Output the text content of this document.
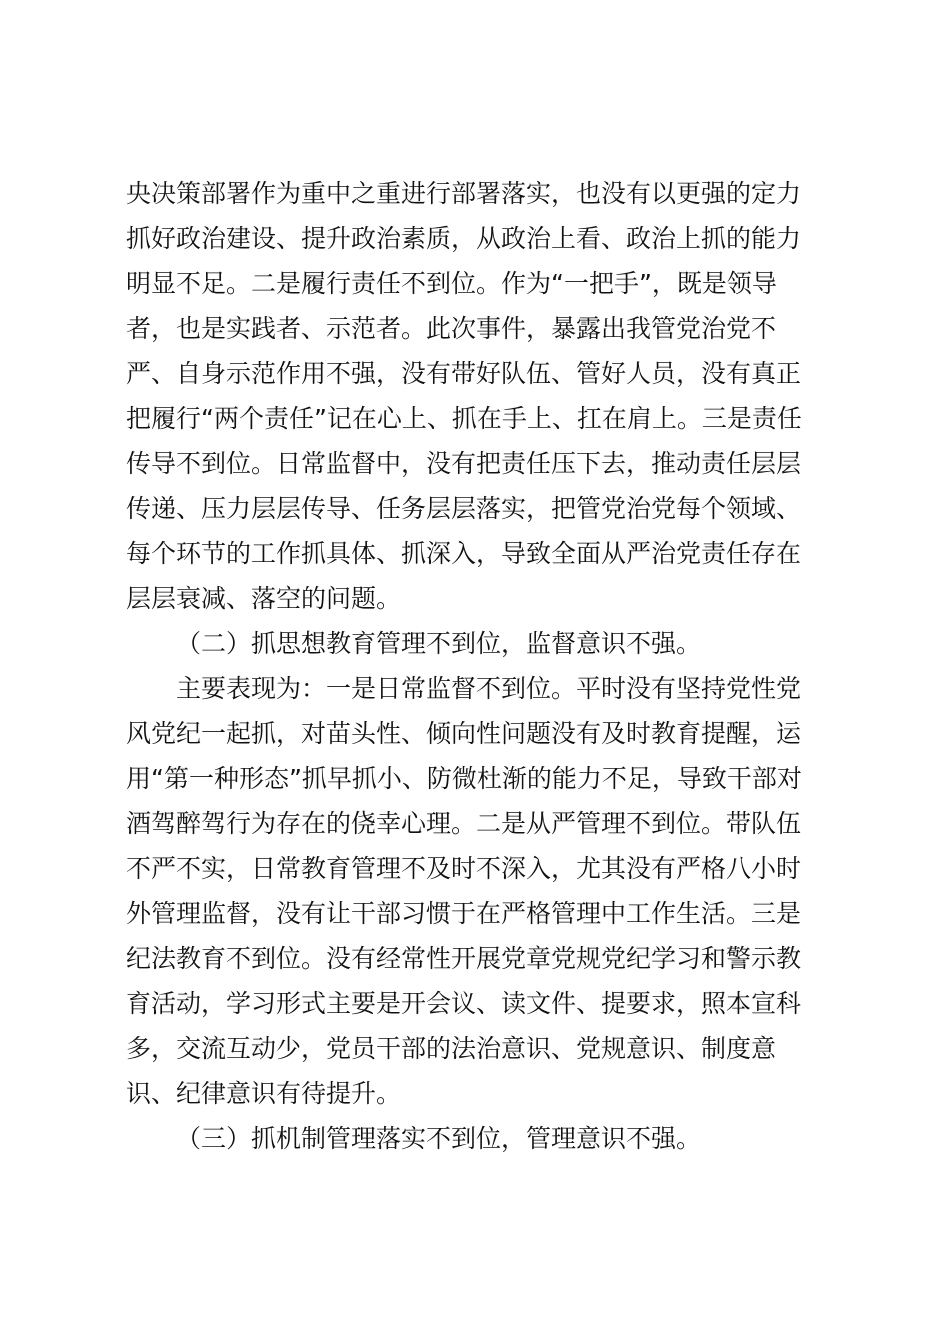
央决策部署作为重中之重进行部署落实，也没有以更强的定力
抓好政治建设、提升政治素质，从政治上看、政治上抓的能力
明显不足。二是履行责任不到位。作为“一把手”，既是领导
者，也是实践者、示范者。此次事件，暴露出我管党治党不
严、自身示范作用不强，没有带好队伍、管好人员，没有真正
把履行“两个责任”记在心上、抓在手上、扛在肩上。三是责任
传导不到位。日常监督中，没有把责任压下去，推动责任层层
传递、压力层层传导、任务层层落实，把管党治党每个领域、
每个环节的工作抓具体、抓深入，导致全面从严治党责任存在
层层衰减、落空的问题。
（二）抓思想教育管理不到位，监督意识不强。
主要表现为：一是日常监督不到位。平时没有坚持党性党
风党纪一起抓，对苗头性、倾向性问题没有及时教育提醒，运
用“第一种形态”抓早抓小、防微杜渐的能力不足，导致干部对
酒驾醉驾行为存在的侥幸心理。二是从严管理不到位。带队伍
不严不实，日常教育管理不及时不深入，尤其没有严格八小时
外管理监督，没有让干部习惯于在严格管理中工作生活。三是
纪法教育不到位。没有经常性开展党章党规党纪学习和警示教
育活动，学习形式主要是开会议、读文件、提要求，照本宣科
多，交流互动少，党员干部的法治意识、党规意识、制度意
识、纪律意识有待提升。
（三）抓机制管理落实不到位，管理意识不强。
